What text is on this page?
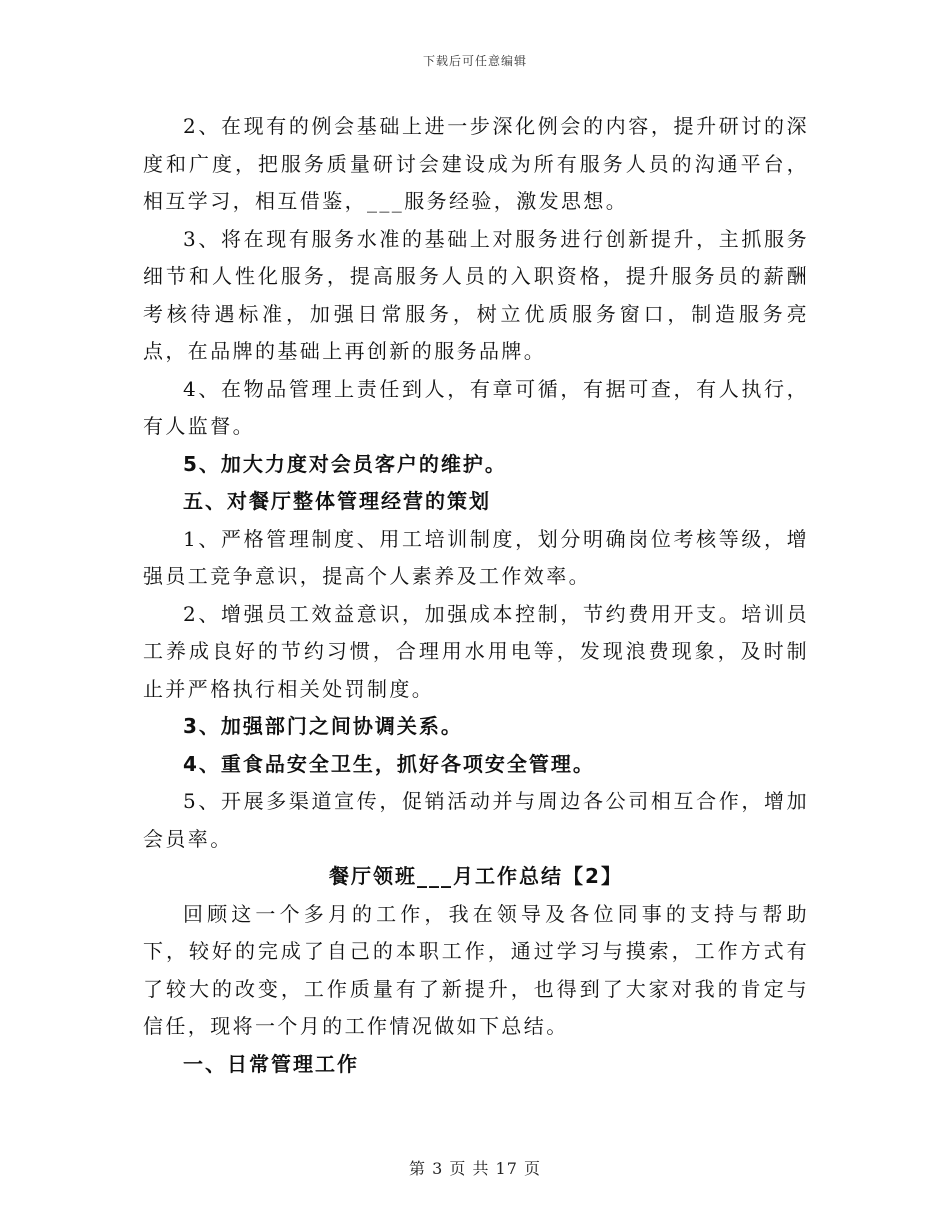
下载后可任意编辑

2、在现有的例会基础上进一步深化例会的内容，提升研讨的深度和广度，把服务质量研讨会建设成为所有服务人员的沟通平台，相互学习，相互借鉴，___服务经验，激发思想。

3、将在现有服务水准的基础上对服务进行创新提升，主抓服务细节和人性化服务，提高服务人员的入职资格，提升服务员的薪酬考核待遇标准，加强日常服务，树立优质服务窗口，制造服务亮点，在品牌的基础上再创新的服务品牌。

4、在物品管理上责任到人，有章可循，有据可查，有人执行，有人监督。

5、加大力度对会员客户的维护。

五、对餐厅整体管理经营的策划

1、严格管理制度、用工培训制度，划分明确岗位考核等级，增强员工竞争意识，提高个人素养及工作效率。

2、增强员工效益意识，加强成本控制，节约费用开支。培训员工养成良好的节约习惯，合理用水用电等，发现浪费现象，及时制止并严格执行相关处罚制度。

3、加强部门之间协调关系。

4、重食品安全卫生，抓好各项安全管理。

5、开展多渠道宣传，促销活动并与周边各公司相互合作，增加会员率。

餐厅领班___月工作总结【2】

回顾这一个多月的工作，我在领导及各位同事的支持与帮助下，较好的完成了自己的本职工作，通过学习与摸索，工作方式有了较大的改变，工作质量有了新提升，也得到了大家对我的肯定与信任，现将一个月的工作情况做如下总结。

一、日常管理工作

第 3 页 共 17 页
